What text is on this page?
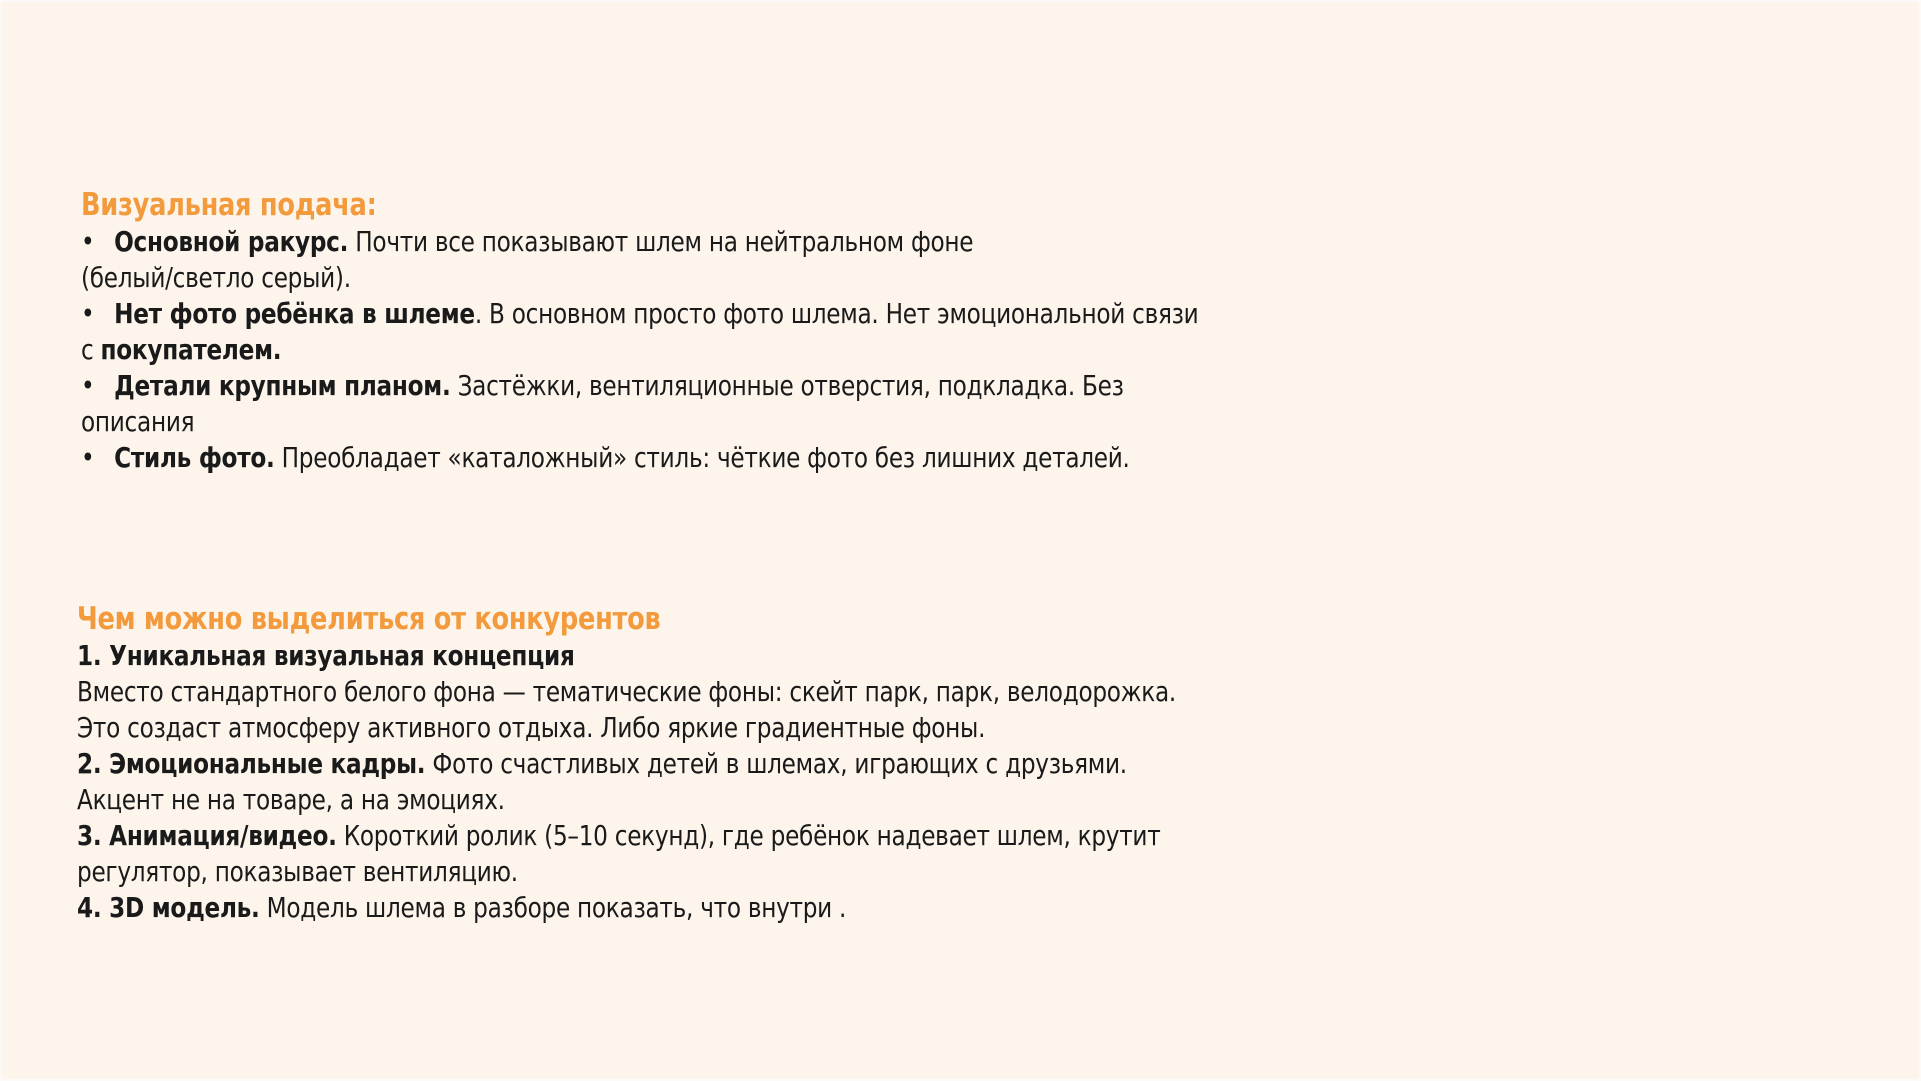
Визуальная подача:
• Основной ракурс. Почти все показывают шлем на нейтральном фоне
(белый/светло серый).
• Нет фото ребёнка в шлеме. В основном просто фото шлема. Нет эмоциональной связи
с покупателем.
• Детали крупным планом. Застёжки, вентиляционные отверстия, подкладка. Без
описания
• Стиль фото. Преобладает «каталожный» стиль: чёткие фото без лишних деталей.
Чем можно выделиться от конкурентов
1. Уникальная визуальная концепция
Вместо стандартного белого фона — тематические фоны: скейт парк, парк, велодорожка.
Это создаст атмосферу активного отдыха. Либо яркие градиентные фоны.
2. Эмоциональные кадры. Фото счастливых детей в шлемах, играющих с друзьями.
Акцент не на товаре, а на эмоциях.
3. Анимация/видео. Короткий ролик (5–10 секунд), где ребёнок надевает шлем, крутит
регулятор, показывает вентиляцию.
4. 3D модель. Модель шлема в разборе показать, что внутри .
